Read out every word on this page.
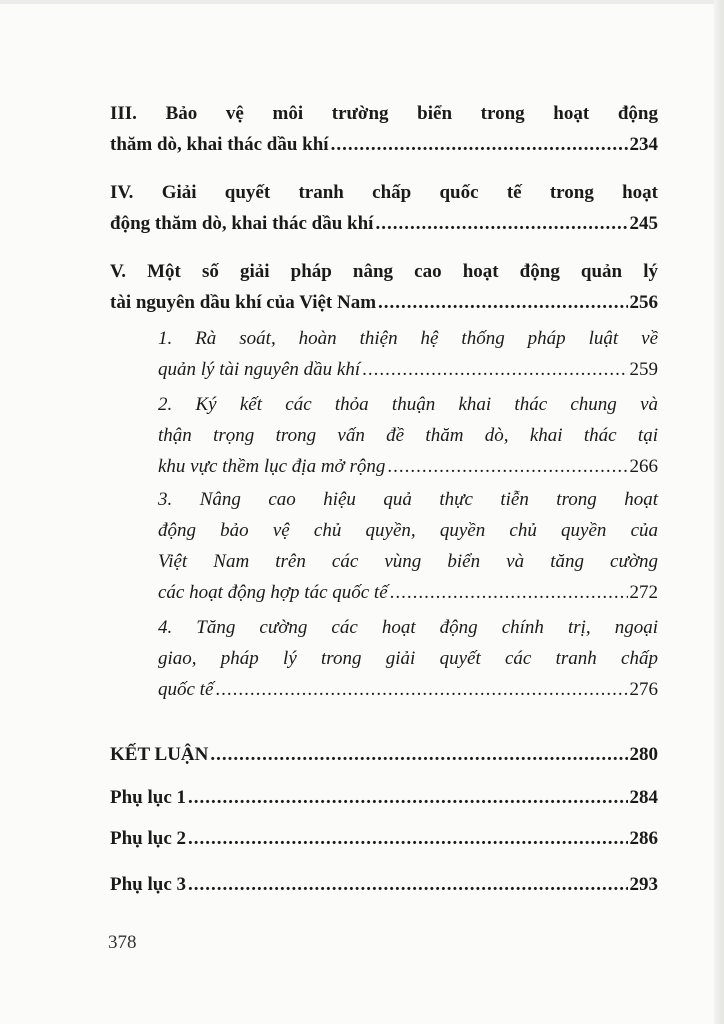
III. Bảo vệ môi trường biển trong hoạt động
thăm dò, khai thác dầu khí .....	234
IV. Giải quyết tranh chấp quốc tế trong hoạt
động thăm dò, khai thác dầu khí .....	245
V. Một số giải pháp nâng cao hoạt động quản lý
tài nguyên dầu khí của Việt Nam .....	256
1. Rà soát, hoàn thiện hệ thống pháp luật về
quản lý tài nguyên dầu khí .....	259
2. Ký kết các thỏa thuận khai thác chung và
thận trọng trong vấn đề thăm dò, khai thác tại
khu vực thềm lục địa mở rộng .....	266
3. Nâng cao hiệu quả thực tiễn trong hoạt
động bảo vệ chủ quyền, quyền chủ quyền của
Việt Nam trên các vùng biển và tăng cường
các hoạt động hợp tác quốc tế .....	272
4. Tăng cường các hoạt động chính trị, ngoại
giao, pháp lý trong giải quyết các tranh chấp
quốc tế .....	276
KẾT LUẬN .....	280
Phụ lục 1 .....	284
Phụ lục 2 .....	286
Phụ lục 3 .....	293
378
